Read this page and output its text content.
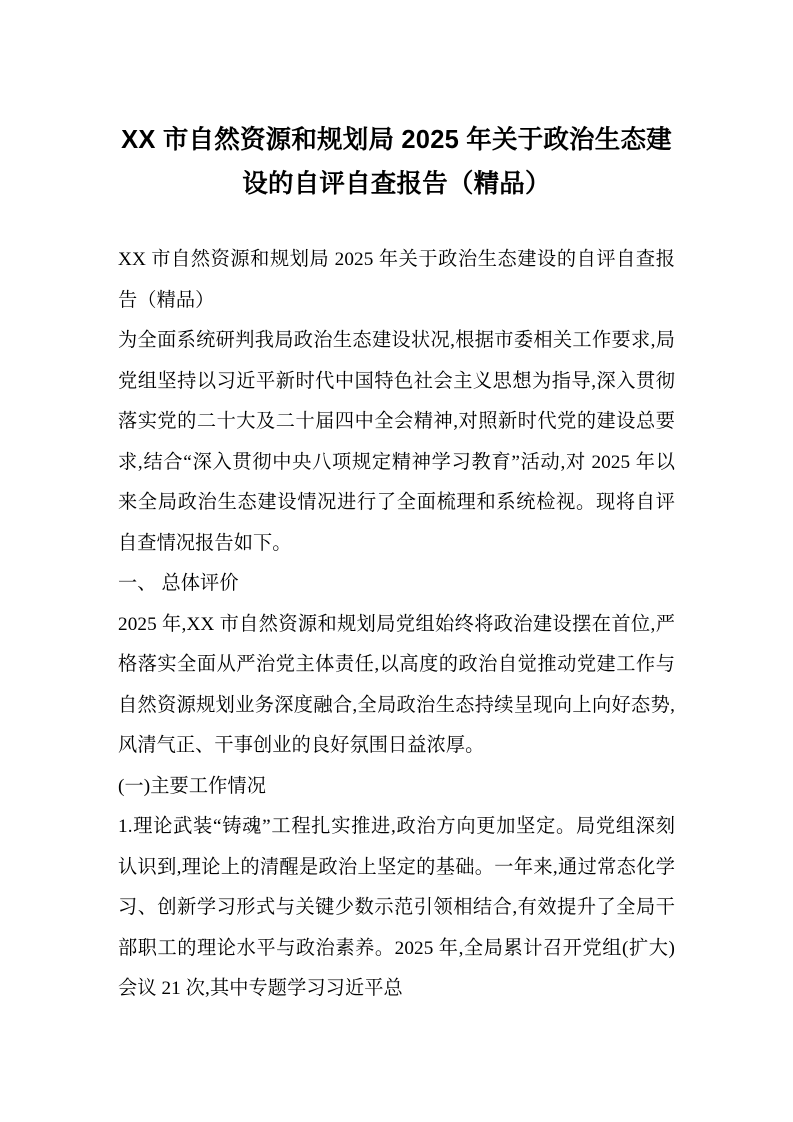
XX 市自然资源和规划局 2025 年关于政治生态建设的自评自查报告（精品）

XX 市自然资源和规划局 2025 年关于政治生态建设的自评自查报告（精品）

为全面系统研判我局政治生态建设状况,根据市委相关工作要求,局党组坚持以习近平新时代中国特色社会主义思想为指导,深入贯彻落实党的二十大及二十届四中全会精神,对照新时代党的建设总要求,结合“深入贯彻中央八项规定精神学习教育”活动,对 2025 年以来全局政治生态建设情况进行了全面梳理和系统检视。现将自评自查情况报告如下。

一、 总体评价

2025 年,XX 市自然资源和规划局党组始终将政治建设摆在首位,严格落实全面从严治党主体责任,以高度的政治自觉推动党建工作与自然资源规划业务深度融合,全局政治生态持续呈现向上向好态势,风清气正、干事创业的良好氛围日益浓厚。

(一)主要工作情况

1.理论武装“铸魂”工程扎实推进,政治方向更加坚定。局党组深刻认识到,理论上的清醒是政治上坚定的基础。一年来,通过常态化学习、创新学习形式与关键少数示范引领相结合,有效提升了全局干部职工的理论水平与政治素养。2025 年,全局累计召开党组(扩大)会议 21 次,其中专题学习习近平总
